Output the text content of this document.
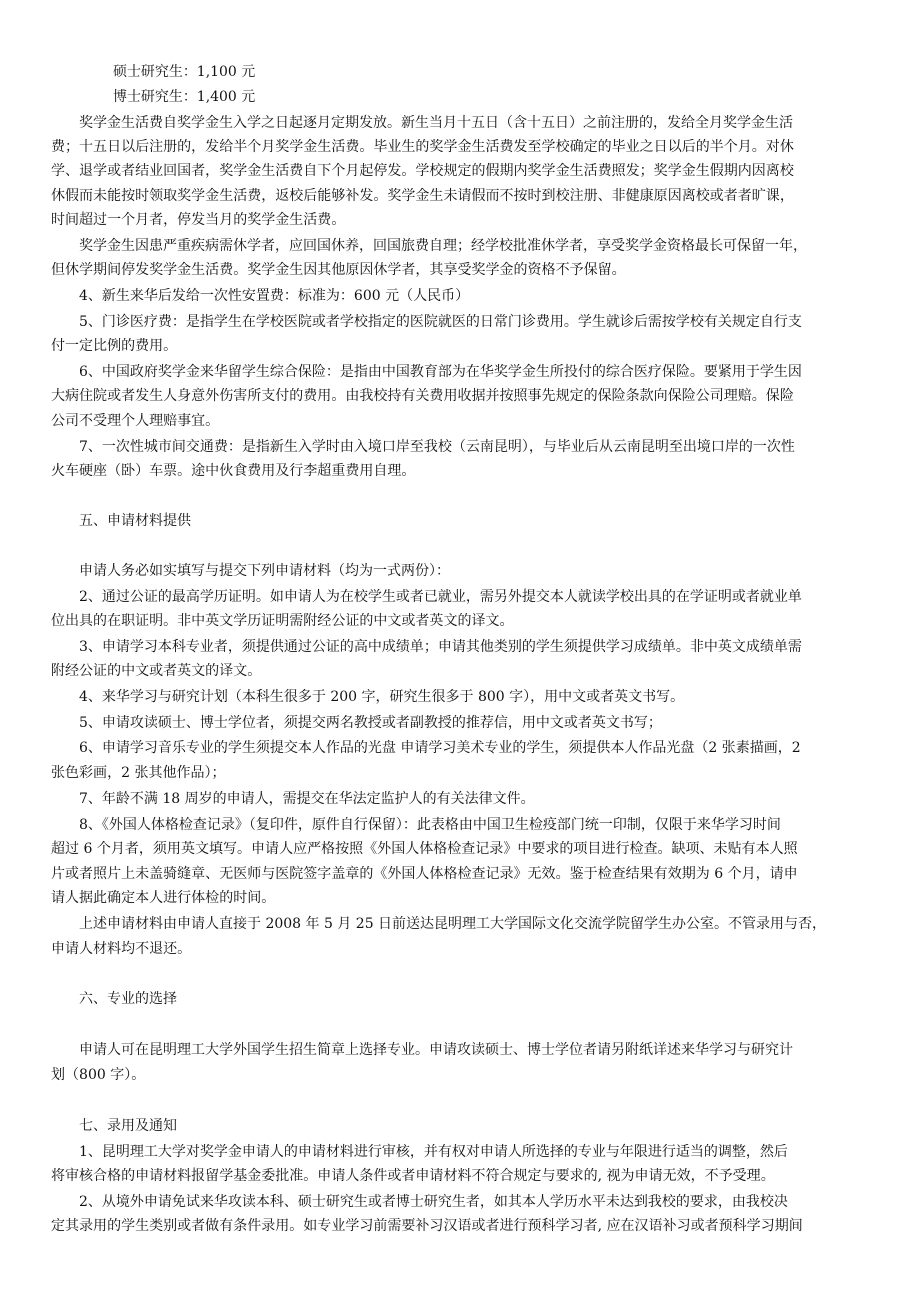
硕士研究生：1,100 元
博士研究生：1,400 元
奖学金生活费自奖学金生入学之日起逐月定期发放。新生当月十五日（含十五日）之前注册的，发给全月奖学金生活
费；十五日以后注册的，发给半个月奖学金生活费。毕业生的奖学金生活费发至学校确定的毕业之日以后的半个月。对休
学、退学或者结业回国者，奖学金生活费自下个月起停发。学校规定的假期内奖学金生活费照发；奖学金生假期内因离校
休假而未能按时领取奖学金生活费，返校后能够补发。奖学金生未请假而不按时到校注册、非健康原因离校或者者旷课，
时间超过一个月者，停发当月的奖学金生活费。
奖学金生因患严重疾病需休学者，应回国休养，回国旅费自理；经学校批准休学者，享受奖学金资格最长可保留一年，
但休学期间停发奖学金生活费。奖学金生因其他原因休学者，其享受奖学金的资格不予保留。
4、新生来华后发给一次性安置费：标准为：600 元（人民币）
5、门诊医疗费：是指学生在学校医院或者学校指定的医院就医的日常门诊费用。学生就诊后需按学校有关规定自行支
付一定比例的费用。
6、中国政府奖学金来华留学生综合保险：是指由中国教育部为在华奖学金生所投付的综合医疗保险。要紧用于学生因
大病住院或者发生人身意外伤害所支付的费用。由我校持有关费用收据并按照事先规定的保险条款向保险公司理赔。保险
公司不受理个人理赔事宜。
7、一次性城市间交通费：是指新生入学时由入境口岸至我校（云南昆明），与毕业后从云南昆明至出境口岸的一次性
火车硬座（卧）车票。途中伙食费用及行李超重费用自理。
五、申请材料提供
申请人务必如实填写与提交下列申请材料（均为一式两份）：
2、通过公证的最高学历证明。如申请人为在校学生或者已就业，需另外提交本人就读学校出具的在学证明或者就业单
位出具的在职证明。非中英文学历证明需附经公证的中文或者英文的译文。
3、申请学习本科专业者，须提供通过公证的高中成绩单；申请其他类别的学生须提供学习成绩单。非中英文成绩单需
附经公证的中文或者英文的译文。
4、来华学习与研究计划（本科生很多于 200 字，研究生很多于 800 字），用中文或者英文书写。
5、申请攻读硕士、博士学位者，须提交两名教授或者副教授的推荐信，用中文或者英文书写；
6、申请学习音乐专业的学生须提交本人作品的光盘 申请学习美术专业的学生，须提供本人作品光盘（2 张素描画，2
张色彩画，2 张其他作品）；
7、年龄不满 18 周岁的申请人，需提交在华法定监护人的有关法律文件。
8、《外国人体格检查记录》（复印件，原件自行保留）：此表格由中国卫生检疫部门统一印制，仅限于来华学习时间
超过 6 个月者，须用英文填写。申请人应严格按照《外国人体格检查记录》中要求的项目进行检查。缺项、未贴有本人照
片或者照片上未盖骑缝章、无医师与医院签字盖章的《外国人体格检查记录》无效。鉴于检查结果有效期为 6 个月，请申
请人据此确定本人进行体检的时间。
上述申请材料由申请人直接于 2008 年 5 月 25 日前送达昆明理工大学国际文化交流学院留学生办公室。不管录用与否，
申请人材料均不退还。
六、专业的选择
申请人可在昆明理工大学外国学生招生简章上选择专业。申请攻读硕士、博士学位者请另附纸详述来华学习与研究计
划（800 字）。
七、录用及通知
1、昆明理工大学对奖学金申请人的申请材料进行审核，并有权对申请人所选择的专业与年限进行适当的调整，然后
将审核合格的申请材料报留学基金委批准。申请人条件或者申请材料不符合规定与要求的, 视为申请无效，不予受理。
2、从境外申请免试来华攻读本科、硕士研究生或者博士研究生者，如其本人学历水平未达到我校的要求，由我校决
定其录用的学生类别或者做有条件录用。如专业学习前需要补习汉语或者进行预科学习者, 应在汉语补习或者预科学习期间
